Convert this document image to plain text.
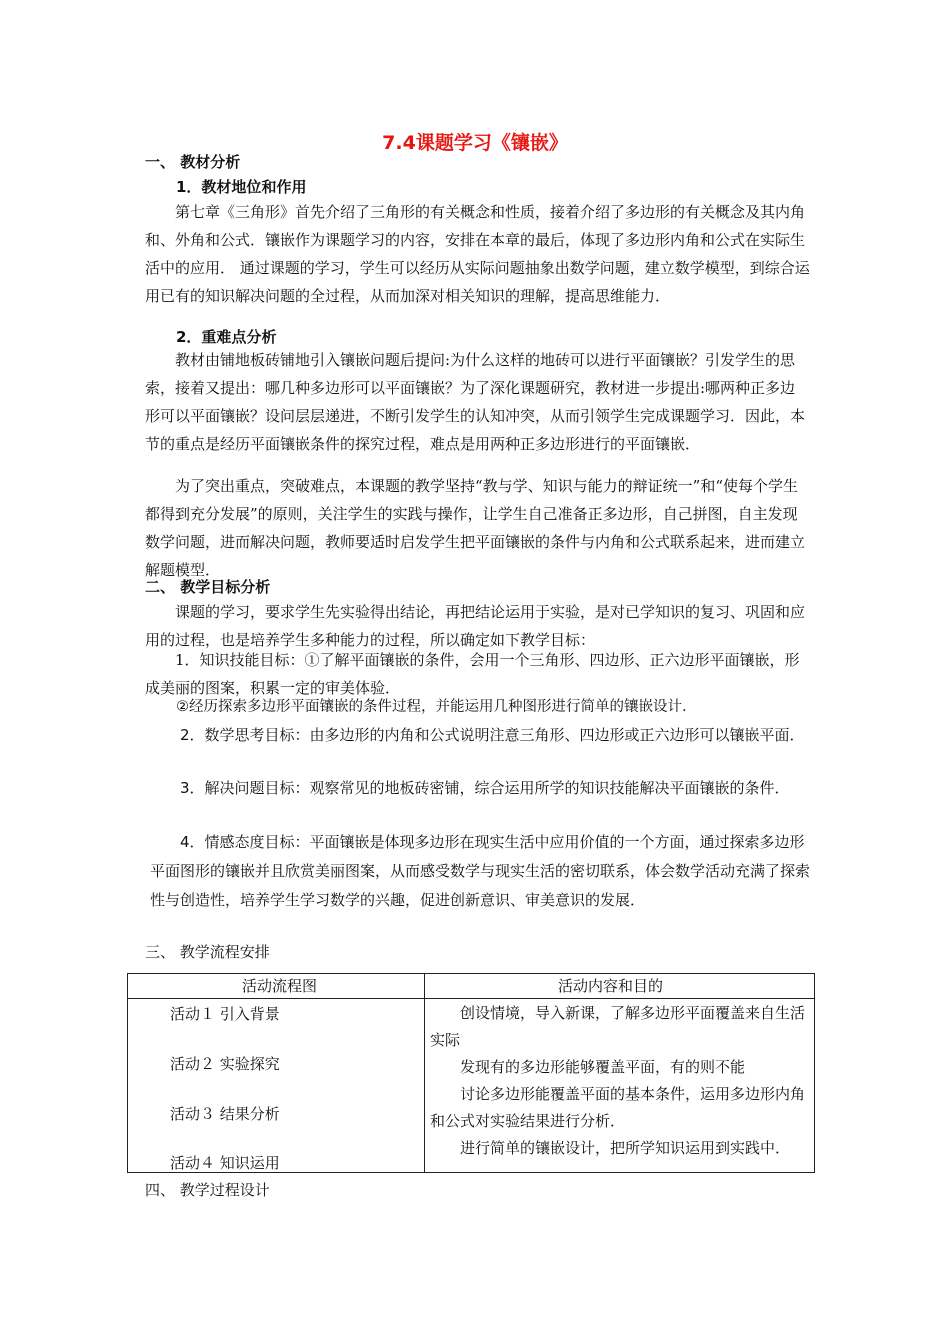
7.4课题学习《镶嵌》
一、 教材分析
1．教材地位和作用
第七章《三角形》首先介绍了三角形的有关概念和性质，接着介绍了多边形的有关概念及其内角和、外角和公式．镶嵌作为课题学习的内容，安排在本章的最后，体现了多边形内角和公式在实际生活中的应用． 通过课题的学习，学生可以经历从实际问题抽象出数学问题，建立数学模型，到综合运用已有的知识解决问题的全过程，从而加深对相关知识的理解，提高思维能力．
2．重难点分析
教材由铺地板砖铺地引入镶嵌问题后提问:为什么这样的地砖可以进行平面镶嵌？引发学生的思索，接着又提出：哪几种多边形可以平面镶嵌？为了深化课题研究，教材进一步提出:哪两种正多边形可以平面镶嵌？设问层层递进，不断引发学生的认知冲突，从而引领学生完成课题学习．因此，本节的重点是经历平面镶嵌条件的探究过程，难点是用两种正多边形进行的平面镶嵌．
为了突出重点，突破难点，本课题的教学坚持“教与学、知识与能力的辩证统一”和“使每个学生都得到充分发展”的原则，关注学生的实践与操作，让学生自己准备正多边形，自己拼图，自主发现数学问题，进而解决问题，教师要适时启发学生把平面镶嵌的条件与内角和公式联系起来，进而建立解题模型．
二、 教学目标分析
课题的学习，要求学生先实验得出结论，再把结论运用于实验，是对已学知识的复习、巩固和应用的过程，也是培养学生多种能力的过程，所以确定如下教学目标：
1．知识技能目标：①了解平面镶嵌的条件，会用一个三角形、四边形、正六边形平面镶嵌，形成美丽的图案，积累一定的审美体验．
②经历探索多边形平面镶嵌的条件过程，并能运用几种图形进行简单的镶嵌设计．
2．数学思考目标：由多边形的内角和公式说明注意三角形、四边形或正六边形可以镶嵌平面．
3．解决问题目标：观察常见的地板砖密铺，综合运用所学的知识技能解决平面镶嵌的条件．
4．情感态度目标：平面镶嵌是体现多边形在现实生活中应用价值的一个方面，通过探索多边形平面图形的镶嵌并且欣赏美丽图案，从而感受数学与现实生活的密切联系，体会数学活动充满了探索性与创造性，培养学生学习数学的兴趣，促进创新意识、审美意识的发展．
三、 教学流程安排
活动流程图	活动内容和目的
活动１ 引入背景
活动２ 实验探究
活动３ 结果分析
活动４ 知识运用

创设情境，导入新课，了解多边形平面覆盖来自生活实际

发现有的多边形能够覆盖平面，有的则不能

讨论多边形能覆盖平面的基本条件，运用多边形内角和公式对实验结果进行分析．

进行简单的镶嵌设计，把所学知识运用到实践中．

四、 教学过程设计
